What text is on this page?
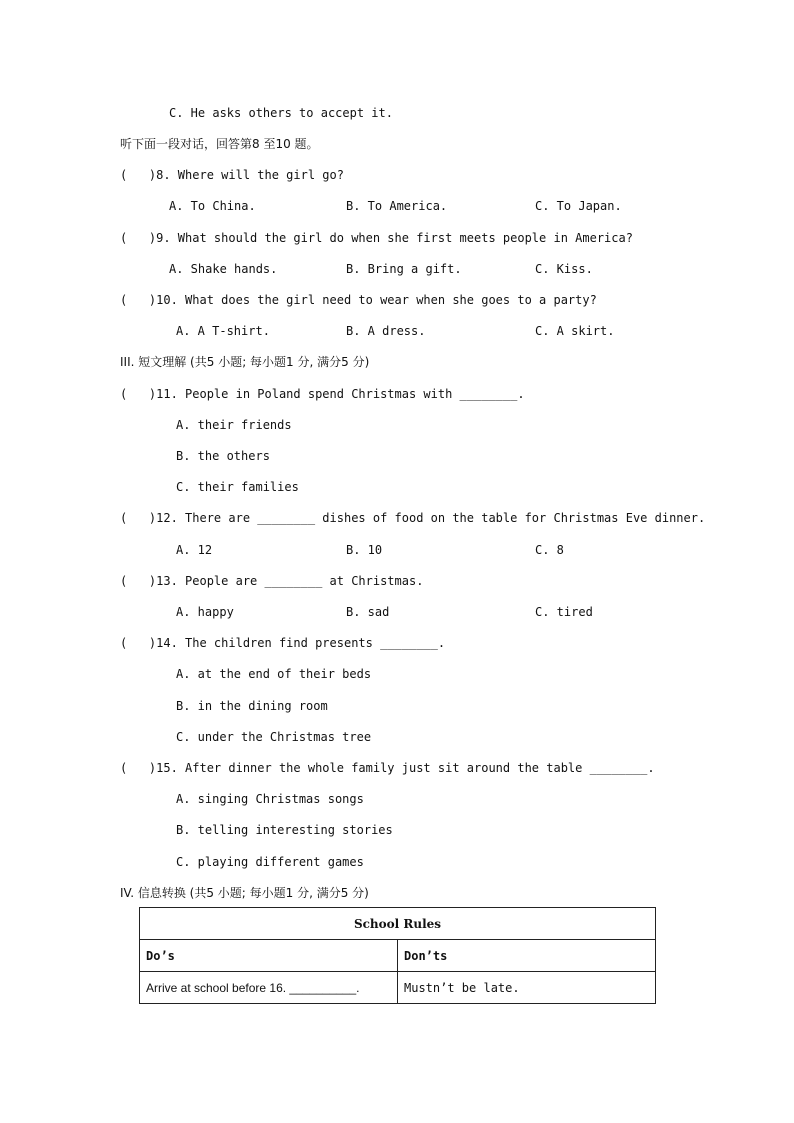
C. He asks others to accept it.
听下面一段对话，回答第8 至10 题。
(   )8. Where will the girl go?
A. To China.	B. To America.	C. To Japan.
(   )9. What should the girl do when she first meets people in America?
A. Shake hands.	B. Bring a gift.	C. Kiss.
(   )10. What does the girl need to wear when she goes to a party?
A. A T-shirt.	B. A dress.	C. A skirt.
III. 短文理解 (共5 小题; 每小题1 分, 满分5 分)
(   )11. People in Poland spend Christmas with ________.
A. their friends
B. the others
C. their families
(   )12. There are ________ dishes of food on the table for Christmas Eve dinner.
A. 12	B. 10	C. 8
(   )13. People are ________ at Christmas.
A. happy	B. sad	C. tired
(   )14. The children find presents ________.
A. at the end of their beds
B. in the dining room
C. under the Christmas tree
(   )15. After dinner the whole family just sit around the table ________.
A. singing Christmas songs
B. telling interesting stories
C. playing different games
IV. 信息转换 (共5 小题; 每小题1 分, 满分5 分)
School Rules	
Do’s	Don’ts
Arrive at school before 16. __________.	Mustn’t be late.
